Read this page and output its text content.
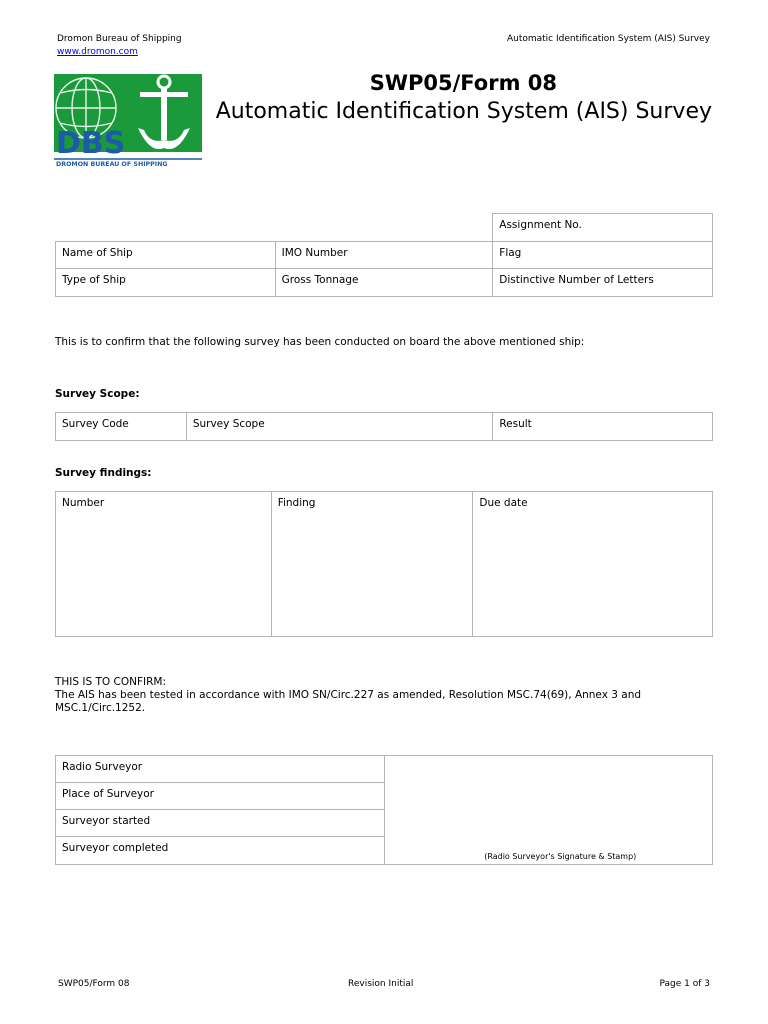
Dromon Bureau of Shipping
www.dromon.com
Automatic Identification System (AIS) Survey
DBS
DROMON BUREAU OF SHIPPING
SWP05/Form 08
Automatic Identification System (AIS) Survey
		Assignment No.
Name of Ship	IMO Number	Flag
Type of Ship	Gross Tonnage	Distinctive Number of Letters
This is to confirm that the following survey has been conducted on board the above mentioned ship:
Survey Scope:
Survey Code	Survey Scope	Result
Survey findings:
Number	Finding	Due date
THIS IS TO CONFIRM:
The AIS has been tested in accordance with IMO SN/Circ.227 as amended, Resolution MSC.74(69), Annex 3 and
MSC.1/Circ.1252.
Radio Surveyor	(Radio Surveyor's Signature & Stamp)
Place of Surveyor
Surveyor started
Surveyor completed
SWP05/Form 08	Revision Initial	Page 1 of 3
